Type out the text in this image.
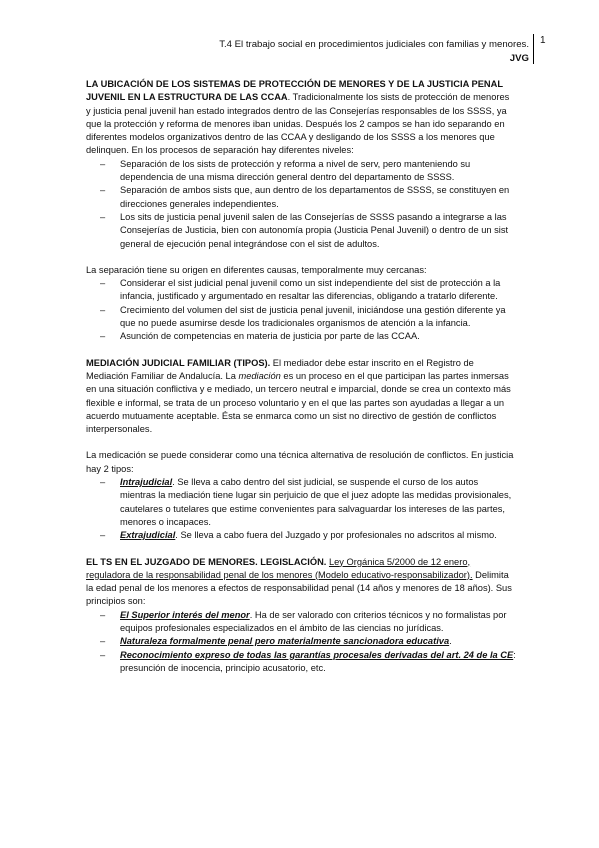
T.4 El trabajo social en procedimientos judiciales con familias y menores.
JVG
1

LA UBICACIÓN DE LOS SISTEMAS DE PROTECCIÓN DE MENORES Y DE LA JUSTICIA PENAL JUVENIL EN LA ESTRUCTURA DE LAS CCAA. Tradicionalmente los sists de protección de menores y justicia penal juvenil han estado integrados dentro de las Consejerías responsables de los SSSS, ya que la protección y reforma de menores iban unidas. Después los 2 campos se han ido separando en diferentes modelos organizativos dentro de las CCAA y desligando de los SSSS a los menores que delinquen. En los procesos de separación hay diferentes niveles:

– Separación de los sists de protección y reforma a nivel de serv, pero manteniendo su dependencia de una misma dirección general dentro del departamento de SSSS.
– Separación de ambos sists que, aun dentro de los departamentos de SSSS, se constituyen en direcciones generales independientes.
– Los sits de justicia penal juvenil salen de las Consejerías de SSSS pasando a integrarse a las Consejerías de Justicia, bien con autonomía propia (Justicia Penal Juvenil) o dentro de un sist general de ejecución penal integrándose con el sist de adultos.

La separación tiene su origen en diferentes causas, temporalmente muy cercanas:

– Considerar el sist judicial penal juvenil como un sist independiente del sist de protección a la infancia, justificado y argumentado en resaltar las diferencias, obligando a tratarlo diferente.
– Crecimiento del volumen del sist de justicia penal juvenil, iniciándose una gestión diferente ya que no puede asumirse desde los tradicionales organismos de atención a la infancia.
– Asunción de competencias en materia de justicia por parte de las CCAA.

MEDIACIÓN JUDICIAL FAMILIAR (TIPOS). El mediador debe estar inscrito en el Registro de Mediación Familiar de Andalucía. La mediación es un proceso en el que participan las partes inmersas en una situación conflictiva y e mediado, un tercero neutral e imparcial, donde se crea un contexto más flexible e informal, se trata de un proceso voluntario y en el que las partes son ayudadas a llegar a un acuerdo mutuamente aceptable. Ésta se enmarca como un sist no directivo de gestión de conflictos interpersonales.

La medicación se puede considerar como una técnica alternativa de resolución de conflictos. En justicia hay 2 tipos:

– Intrajudicial. Se lleva a cabo dentro del sist judicial, se suspende el curso de los autos mientras la mediación tiene lugar sin perjuicio de que el juez adopte las medidas provisionales, cautelares o tutelares que estime convenientes para salvaguardar los intereses de las partes, menores o incapaces.
– Extrajudicial. Se lleva a cabo fuera del Juzgado y por profesionales no adscritos al mismo.

EL TS EN EL JUZGADO DE MENORES. LEGISLACIÓN. Ley Orgánica 5/2000 de 12 enero, reguladora de la responsabilidad penal de los menores (Modelo educativo-responsabilizador). Delimita la edad penal de los menores a efectos de responsabilidad penal (14 años y menores de 18 años). Sus principios son:

– El Superior interés del menor. Ha de ser valorado con criterios técnicos y no formalistas por equipos profesionales especializados en el ámbito de las ciencias no jurídicas.
– Naturaleza formalmente penal pero materialmente sancionadora educativa.
– Reconocimiento expreso de todas las garantías procesales derivadas del art. 24 de la CE: presunción de inocencia, principio acusatorio, etc.
